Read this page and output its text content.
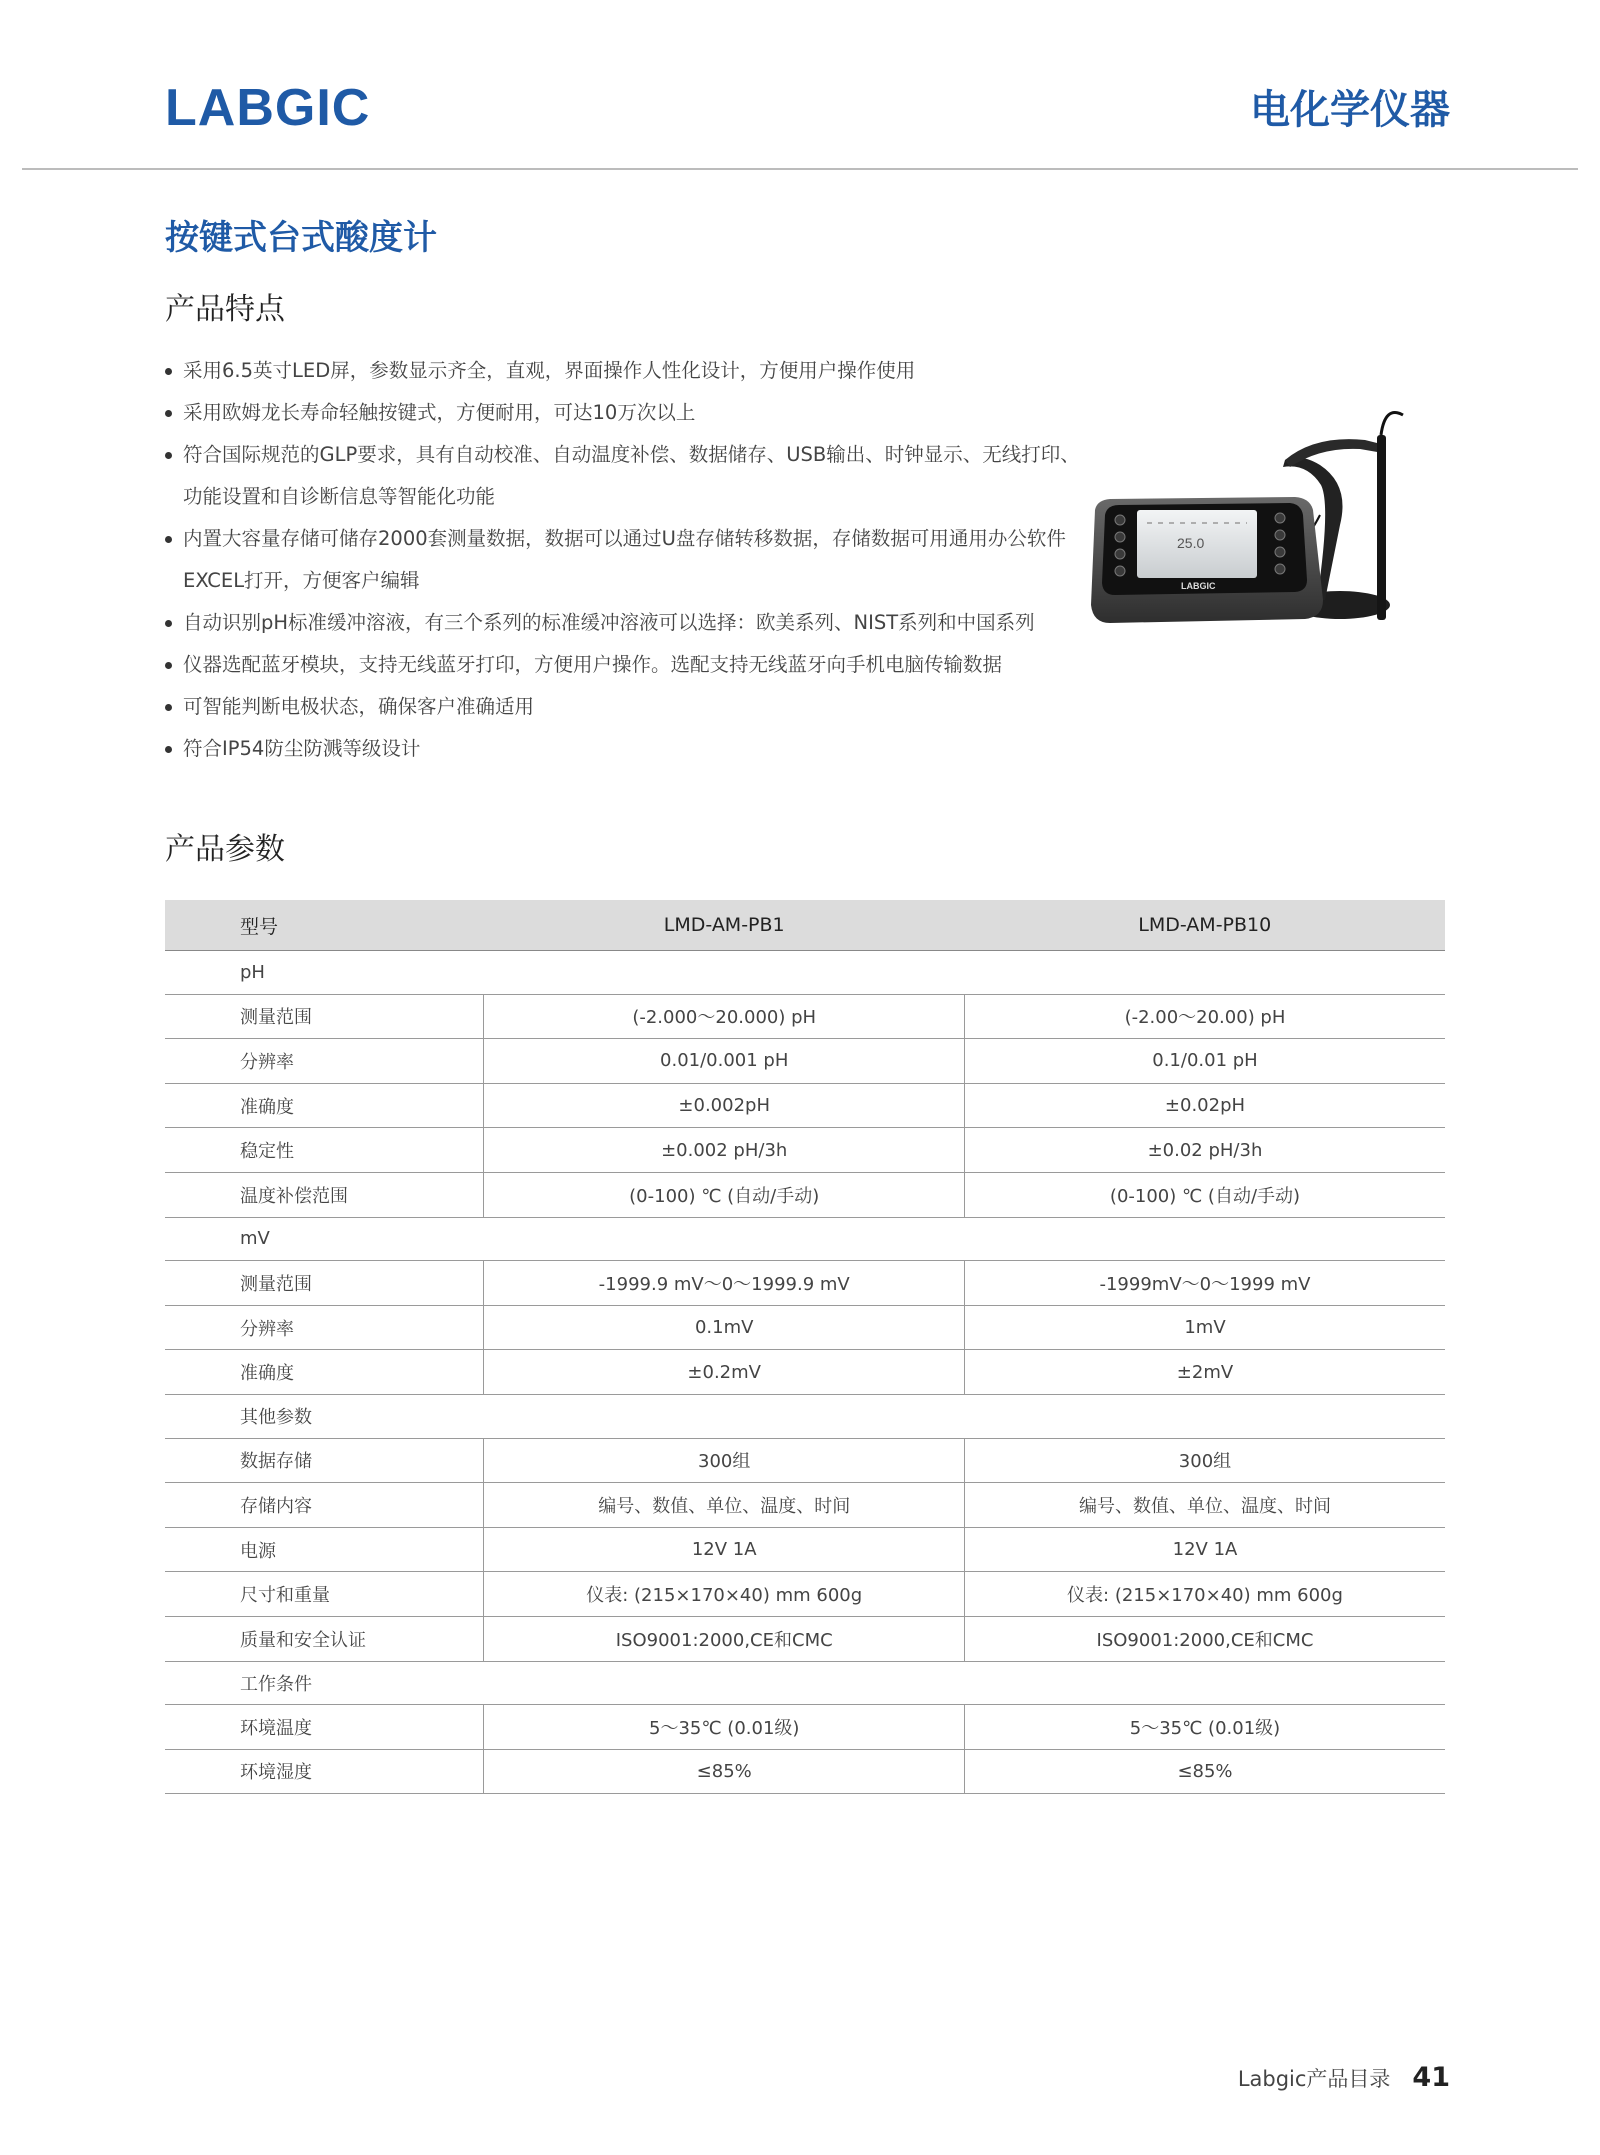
LABGIC	电化学仪器
按键式台式酸度计
产品特点
采用6.5英寸LED屏，参数显示齐全，直观，界面操作人性化设计，方便用户操作使用
采用欧姆龙长寿命轻触按键式，方便耐用，可达10万次以上
符合国际规范的GLP要求，具有自动校准、自动温度补偿、数据储存、USB输出、时钟显示、无线打印、功能设置和自诊断信息等智能化功能
内置大容量存储可储存2000套测量数据，数据可以通过U盘存储转移数据，存储数据可用通用办公软件EXCEL打开，方便客户编辑
自动识别pH标准缓冲溶液，有三个系列的标准缓冲溶液可以选择：欧美系列、NIST系列和中国系列
仪器选配蓝牙模块，支持无线蓝牙打印，方便用户操作。选配支持无线蓝牙向手机电脑传输数据
可智能判断电极状态，确保客户准确适用
符合IP54防尘防溅等级设计
25.0
LABGIC
产品参数
型号	LMD-AM-PB1	LMD-AM-PB10
pH		
测量范围	(-2.000～20.000) pH	(-2.00～20.00) pH
分辨率	0.01/0.001 pH	0.1/0.01 pH
准确度	±0.002pH	±0.02pH
稳定性	±0.002 pH/3h	±0.02 pH/3h
温度补偿范围	(0-100) ℃ (自动/手动)	(0-100) ℃ (自动/手动)
mV		
测量范围	-1999.9 mV～0～1999.9 mV	-1999mV～0～1999 mV
分辨率	0.1mV	1mV
准确度	±0.2mV	±2mV
其他参数		
数据存储	300组	300组
存储内容	编号、数值、单位、温度、时间	编号、数值、单位、温度、时间
电源	12V 1A	12V 1A
尺寸和重量	仪表: (215×170×40) mm 600g	仪表: (215×170×40) mm 600g
质量和安全认证	ISO9001:2000,CE和CMC	ISO9001:2000,CE和CMC
工作条件		
环境温度	5～35℃ (0.01级)	5～35℃ (0.01级)
环境湿度	≤85%	≤85%
Labgic产品目录 41
